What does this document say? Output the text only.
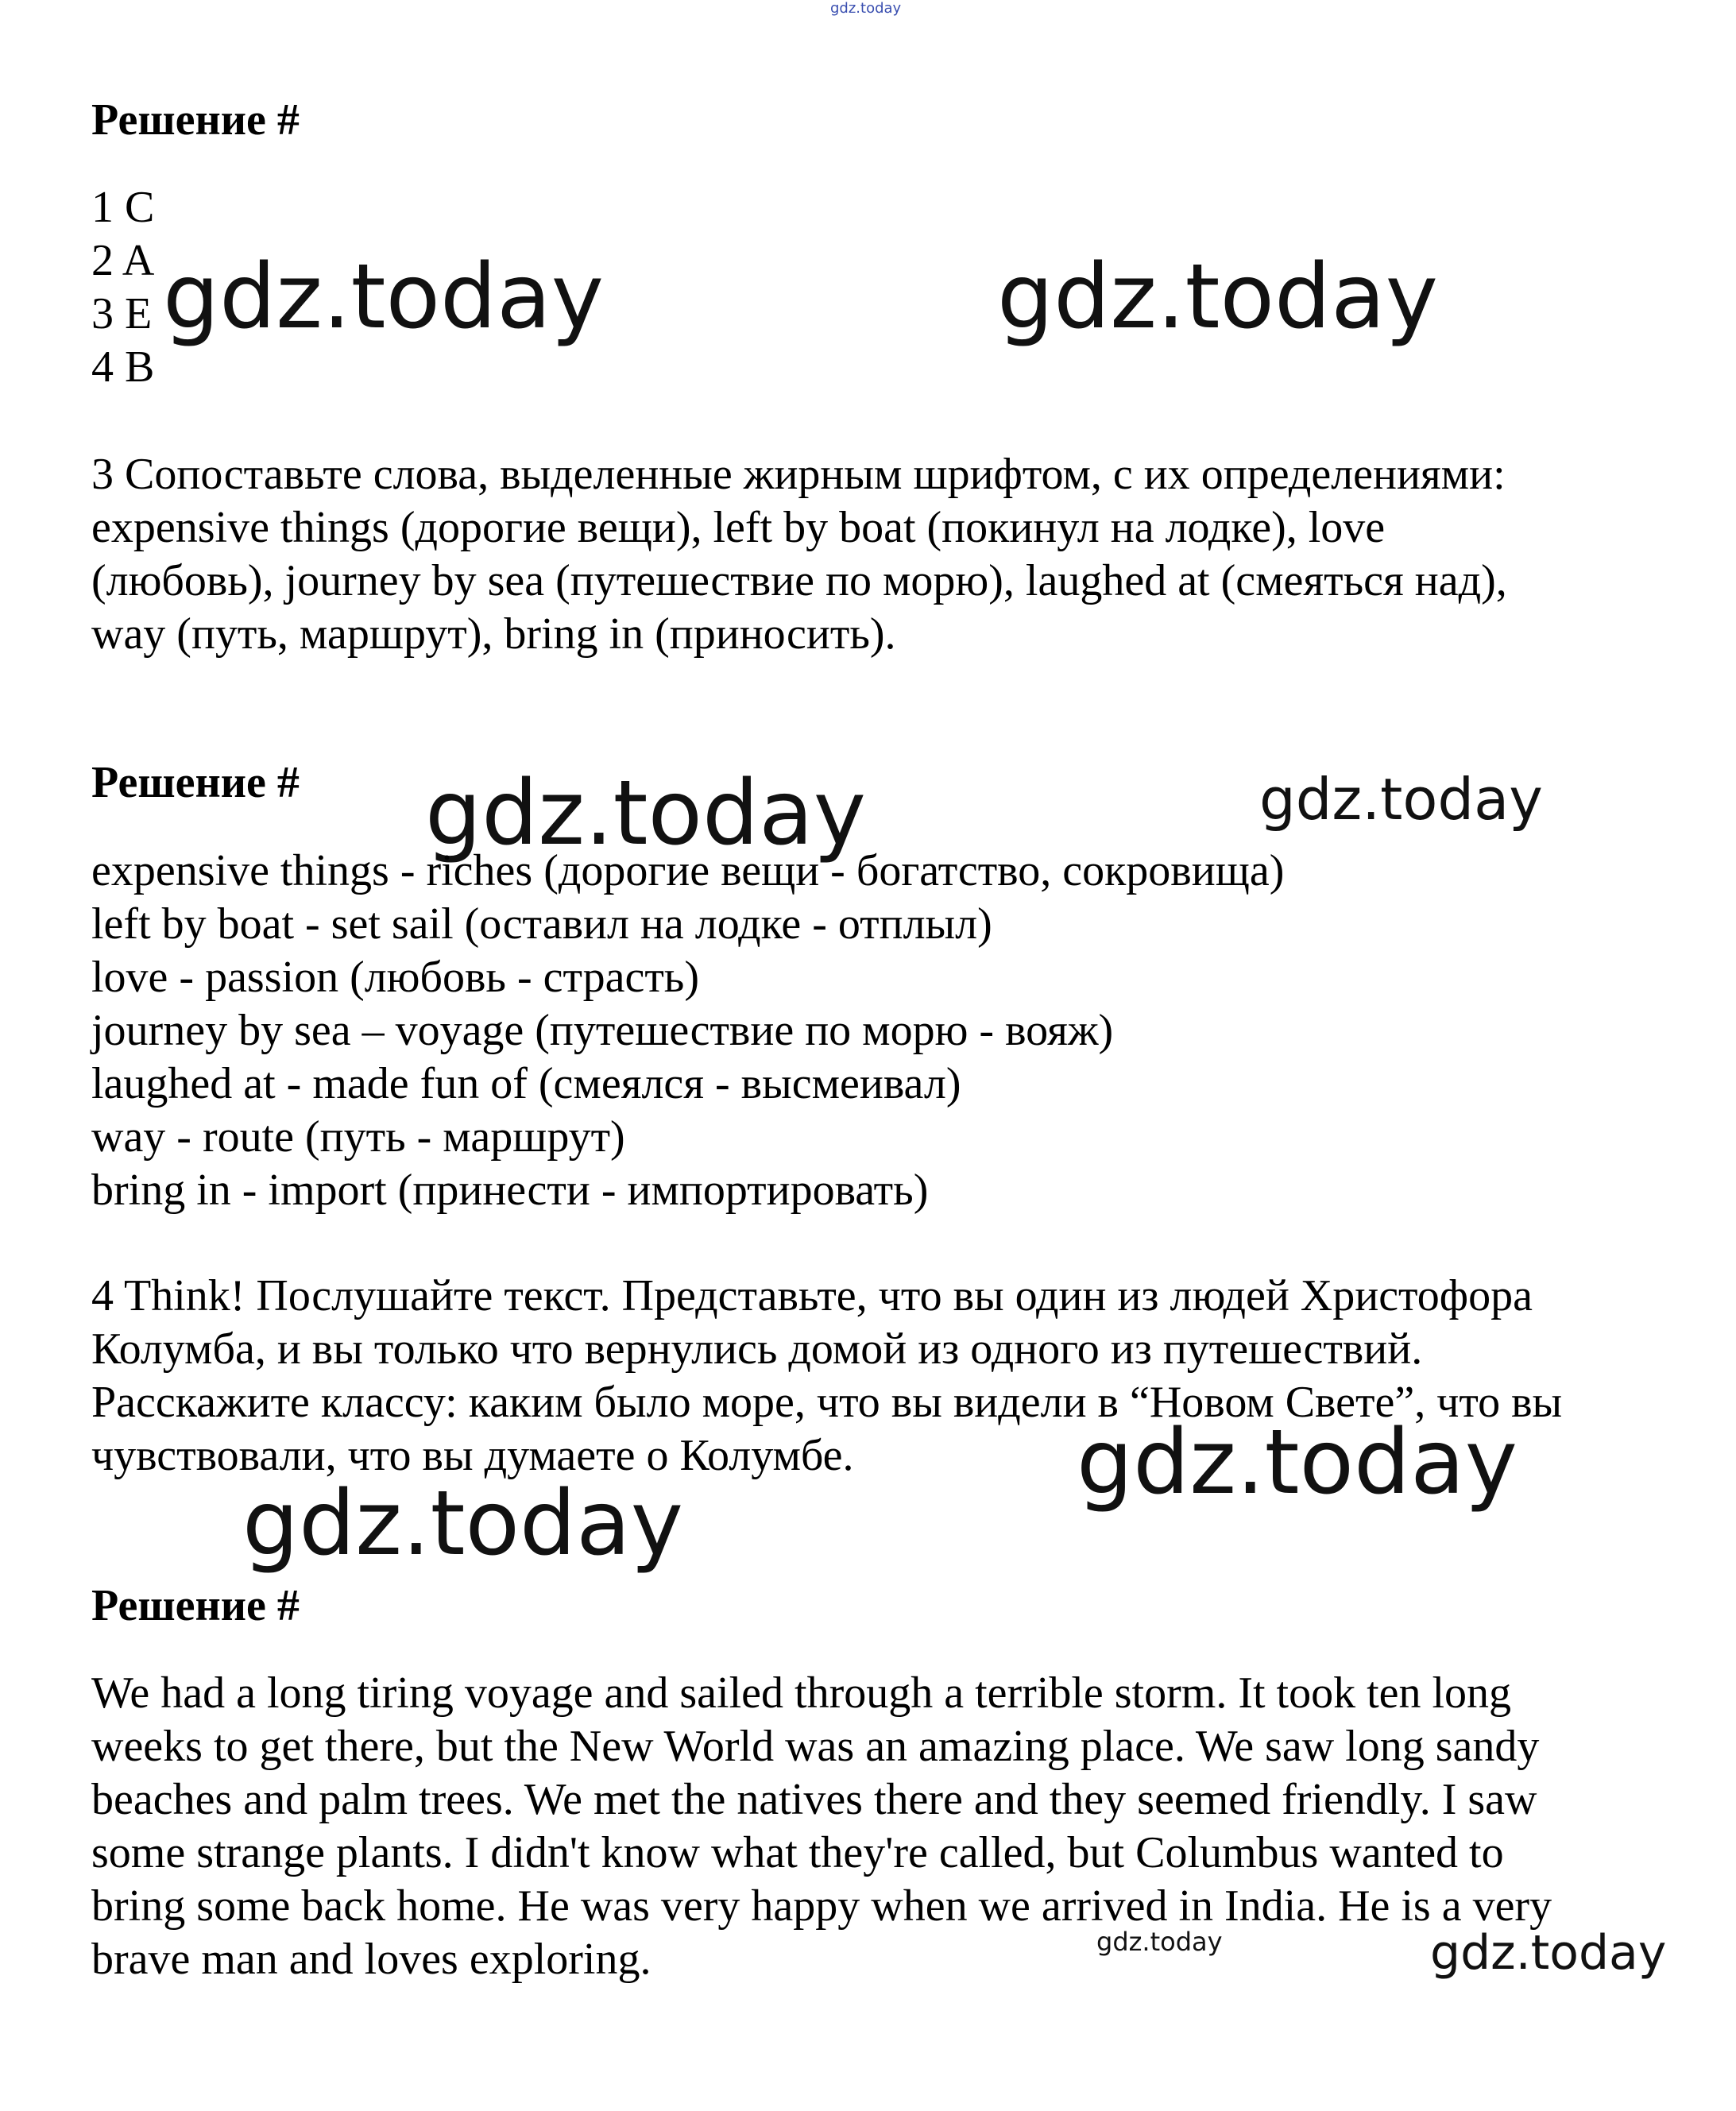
gdz.today
Решение #
1 C
2 A
3 E
4 B
gdz.today	gdz.today
3 Сопоставьте слова, выделенные жирным шрифтом, с их определениями:
expensive things (дорогие вещи), left by boat (покинул на лодке), love
(любовь), journey by sea (путешествие по морю), laughed at (смеяться над),
way (путь, маршрут), bring in (приносить).
Решение # gdz.today	gdz.today
expensive things - riches (дорогие вещи - богатство, сокровища)
left by boat - set sail (оставил на лодке - отплыл)
love - passion (любовь - страсть)
journey by sea – voyage (путешествие по морю - вояж)
laughed at - made fun of (смеялся - высмеивал)
way - route (путь - маршрут)
bring in - import (принести - импортировать)
4 Think! Послушайте текст. Представьте, что вы один из людей Христофора
Колумба, и вы только что вернулись домой из одного из путешествий.
Расскажите классу: каким было море, что вы видели в “Новом Свете”, что вы
чувствовали, что вы думаете о Колумбе.	gdz.today
gdz.today
Решение #
We had a long tiring voyage and sailed through a terrible storm. It took ten long
weeks to get there, but the New World was an amazing place. We saw long sandy
beaches and palm trees. We met the natives there and they seemed friendly. I saw
some strange plants. I didn't know what they're called, but Columbus wanted to
bring some back home. He was very happy when we arrived in India. He is a very
brave man and loves exploring.	gdz.today	gdz.today
